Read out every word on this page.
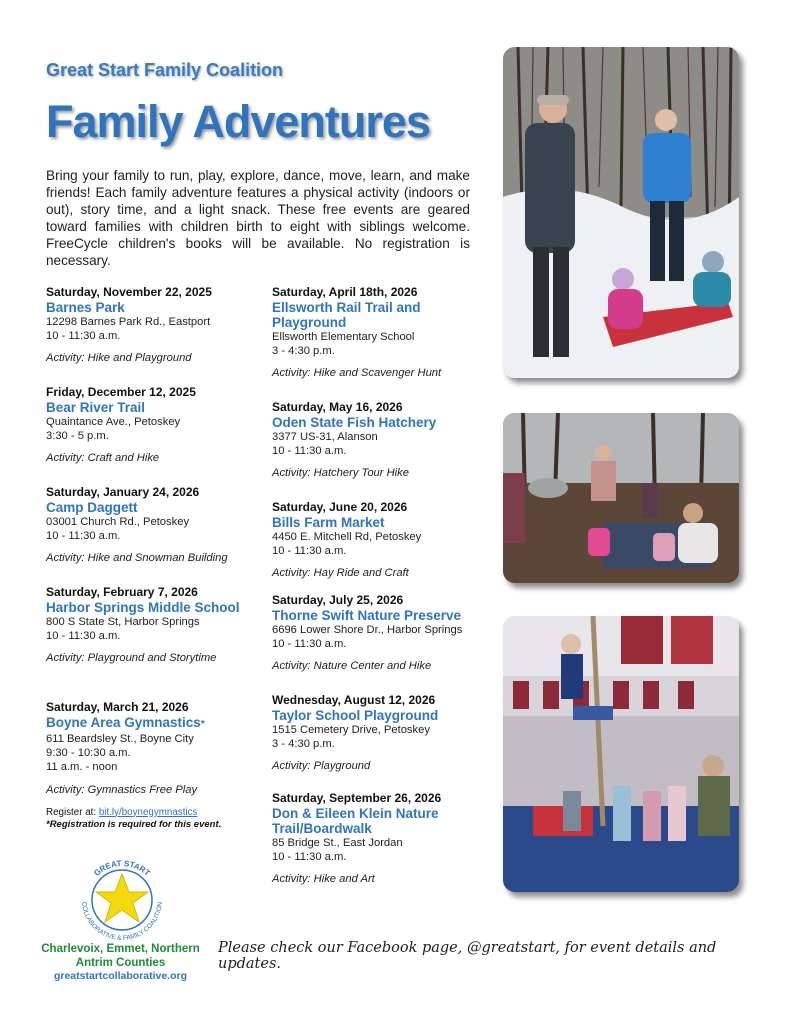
Great Start Family Coalition
Family Adventures
Bring your family to run, play, explore, dance, move, learn, and make friends! Each family adventure features a physical activity (indoors or out), story time, and a light snack. These free events are geared toward families with children birth to eight with siblings welcome. FreeCycle children's books will be available. No registration is necessary.
Saturday, November 22, 2025
Barnes Park
12298 Barnes Park Rd., Eastport
10 - 11:30 a.m.
Activity: Hike and Playground
Friday, December 12, 2025
Bear River Trail
Quaintance Ave., Petoskey
3:30 - 5 p.m.
Activity: Craft and Hike
Saturday, January 24, 2026
Camp Daggett
03001 Church Rd., Petoskey
10 - 11:30 a.m.
Activity: Hike and Snowman Building
Saturday, February 7, 2026
Harbor Springs Middle School
800 S State St, Harbor Springs
10 - 11:30 a.m.
Activity: Playground and Storytime
Saturday, March 21, 2026
Boyne Area Gymnastics*
611 Beardsley St., Boyne City
9:30 - 10:30 a.m.
11 a.m. - noon
Activity: Gymnastics Free Play
Register at: bit.ly/boynegymnastics
*Registration is required for this event.
Saturday, April 18th, 2026
Ellsworth Rail Trail and Playground
Ellsworth Elementary School
3 - 4:30 p.m.
Activity: Hike and Scavenger Hunt
Saturday, May 16, 2026
Oden State Fish Hatchery
3377 US-31, Alanson
10 - 11:30 a.m.
Activity: Hatchery Tour Hike
Saturday, June 20, 2026
Bills Farm Market
4450 E. Mitchell Rd, Petoskey
10 - 11:30 a.m.
Activity: Hay Ride and Craft
Saturday, July 25, 2026
Thorne Swift Nature Preserve
6696 Lower Shore Dr., Harbor Springs
10 - 11:30 a.m.
Activity: Nature Center and Hike
Wednesday, August 12, 2026
Taylor School Playground
1515 Cemetery Drive, Petoskey
3 - 4:30 p.m.
Activity: Playground
Saturday, September 26, 2026
Don & Eileen Klein Nature Trail/Boardwalk
85 Bridge St., East Jordan
10 - 11:30 a.m.
Activity: Hike and Art
GREAT START
COLLABORATIVE & FAMILY COALITION
Charlevoix, Emmet, Northern Antrim Counties
greatstartcollaborative.org
Please check our Facebook page, @greatstart, for event details and updates.
